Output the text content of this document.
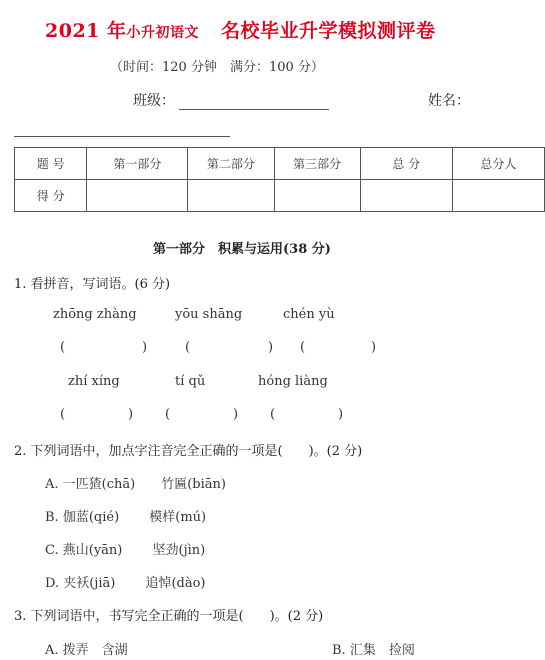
2021 年小升初语文 名校毕业升学模拟测评卷
（时间：120 分钟　满分：100 分）
班级：	姓名：
题 号	第一部分	第二部分	第三部分	总 分	总分人
得 分					
第一部分　积累与运用(38 分)
1. 看拼音，写词语。(6 分)
zhōng zhàng	yōu shāng	chén yù
(	)	(	) (	)
zhí xíng	tí qǔ	hóng liàng
(	) (	) (	)
2. 下列词语中，加点字注音完全正确的一项是(　　)。(2 分)
A. 一匹猹(chā)　　竹匾(biān)
B. 伽蓝(qié)　　 模样(mú)
C. 燕山(yān)　　 坚劲(jìn)
D. 夹袄(jiā)　　 追悼(dào)
3. 下列词语中，书写完全正确的一项是(　　)。(2 分)
A. 拨弄　含湖	B. 汇集　捡阅
